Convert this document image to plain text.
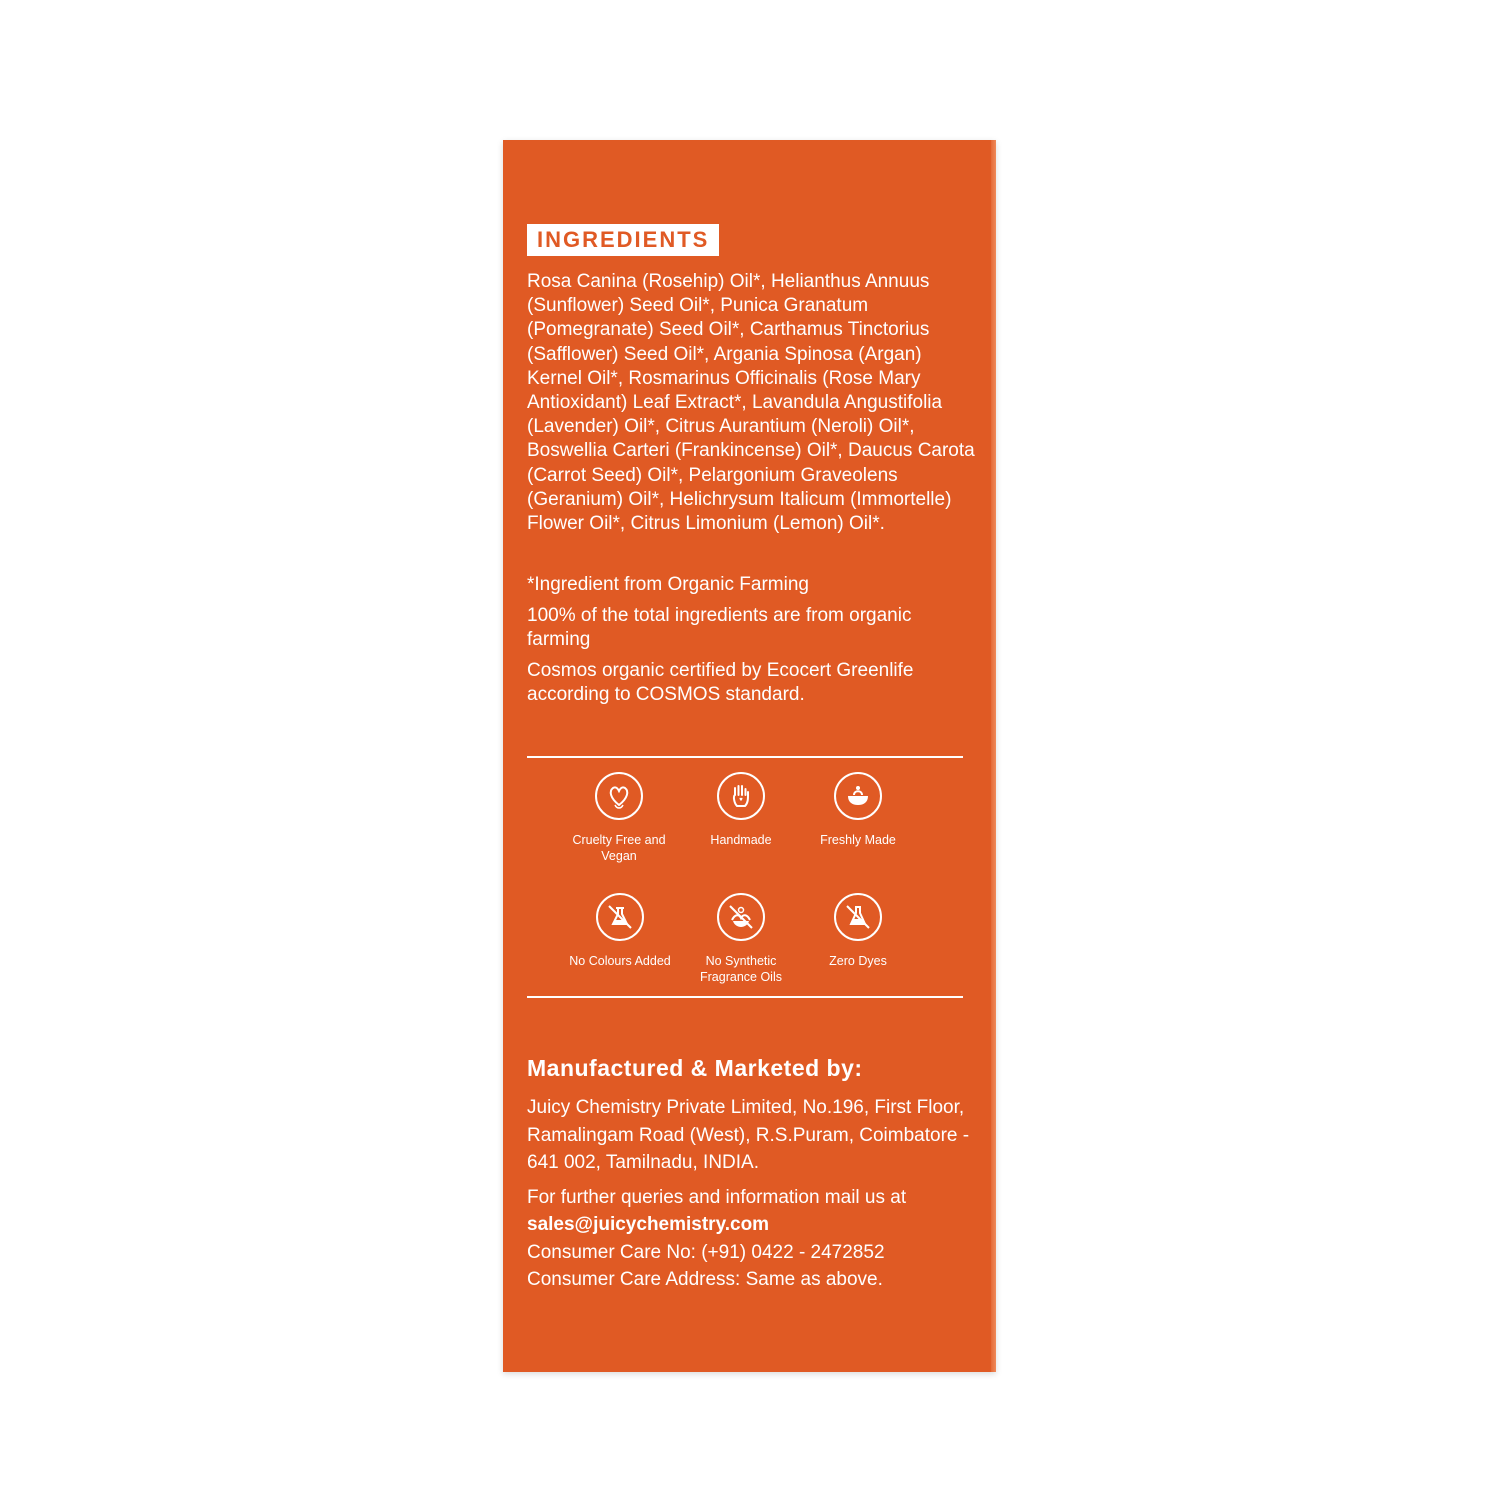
INGREDIENTS

Rosa Canina (Rosehip) Oil*, Helianthus Annuus (Sunflower) Seed Oil*, Punica Granatum (Pomegranate) Seed Oil*, Carthamus Tinctorius (Safflower) Seed Oil*, Argania Spinosa (Argan) Kernel Oil*, Rosmarinus Officinalis (Rose Mary Antioxidant) Leaf Extract*, Lavandula Angustifolia (Lavender) Oil*, Citrus Aurantium (Neroli) Oil*, Boswellia Carteri (Frankincense) Oil*, Daucus Carota (Carrot Seed) Oil*, Pelargonium Graveolens (Geranium) Oil*, Helichrysum Italicum (Immortelle) Flower Oil*, Citrus Limonium (Lemon) Oil*.

*Ingredient from Organic Farming

100% of the total ingredients are from organic farming

Cosmos organic certified by Ecocert Greenlife according to COSMOS standard.

Cruelty Free and Vegan
Handmade	Freshly Made
No Colours Added	No Synthetic Fragrance Oils
Zero Dyes
Manufactured & Marketed by:

Juicy Chemistry Private Limited, No.196, First Floor, Ramalingam Road (West), R.S.Puram, Coimbatore - 641 002, Tamilnadu, INDIA.

For further queries and information mail us at

sales@juicychemistry.com

Consumer Care No: (+91) 0422 - 2472852

Consumer Care Address: Same as above.
